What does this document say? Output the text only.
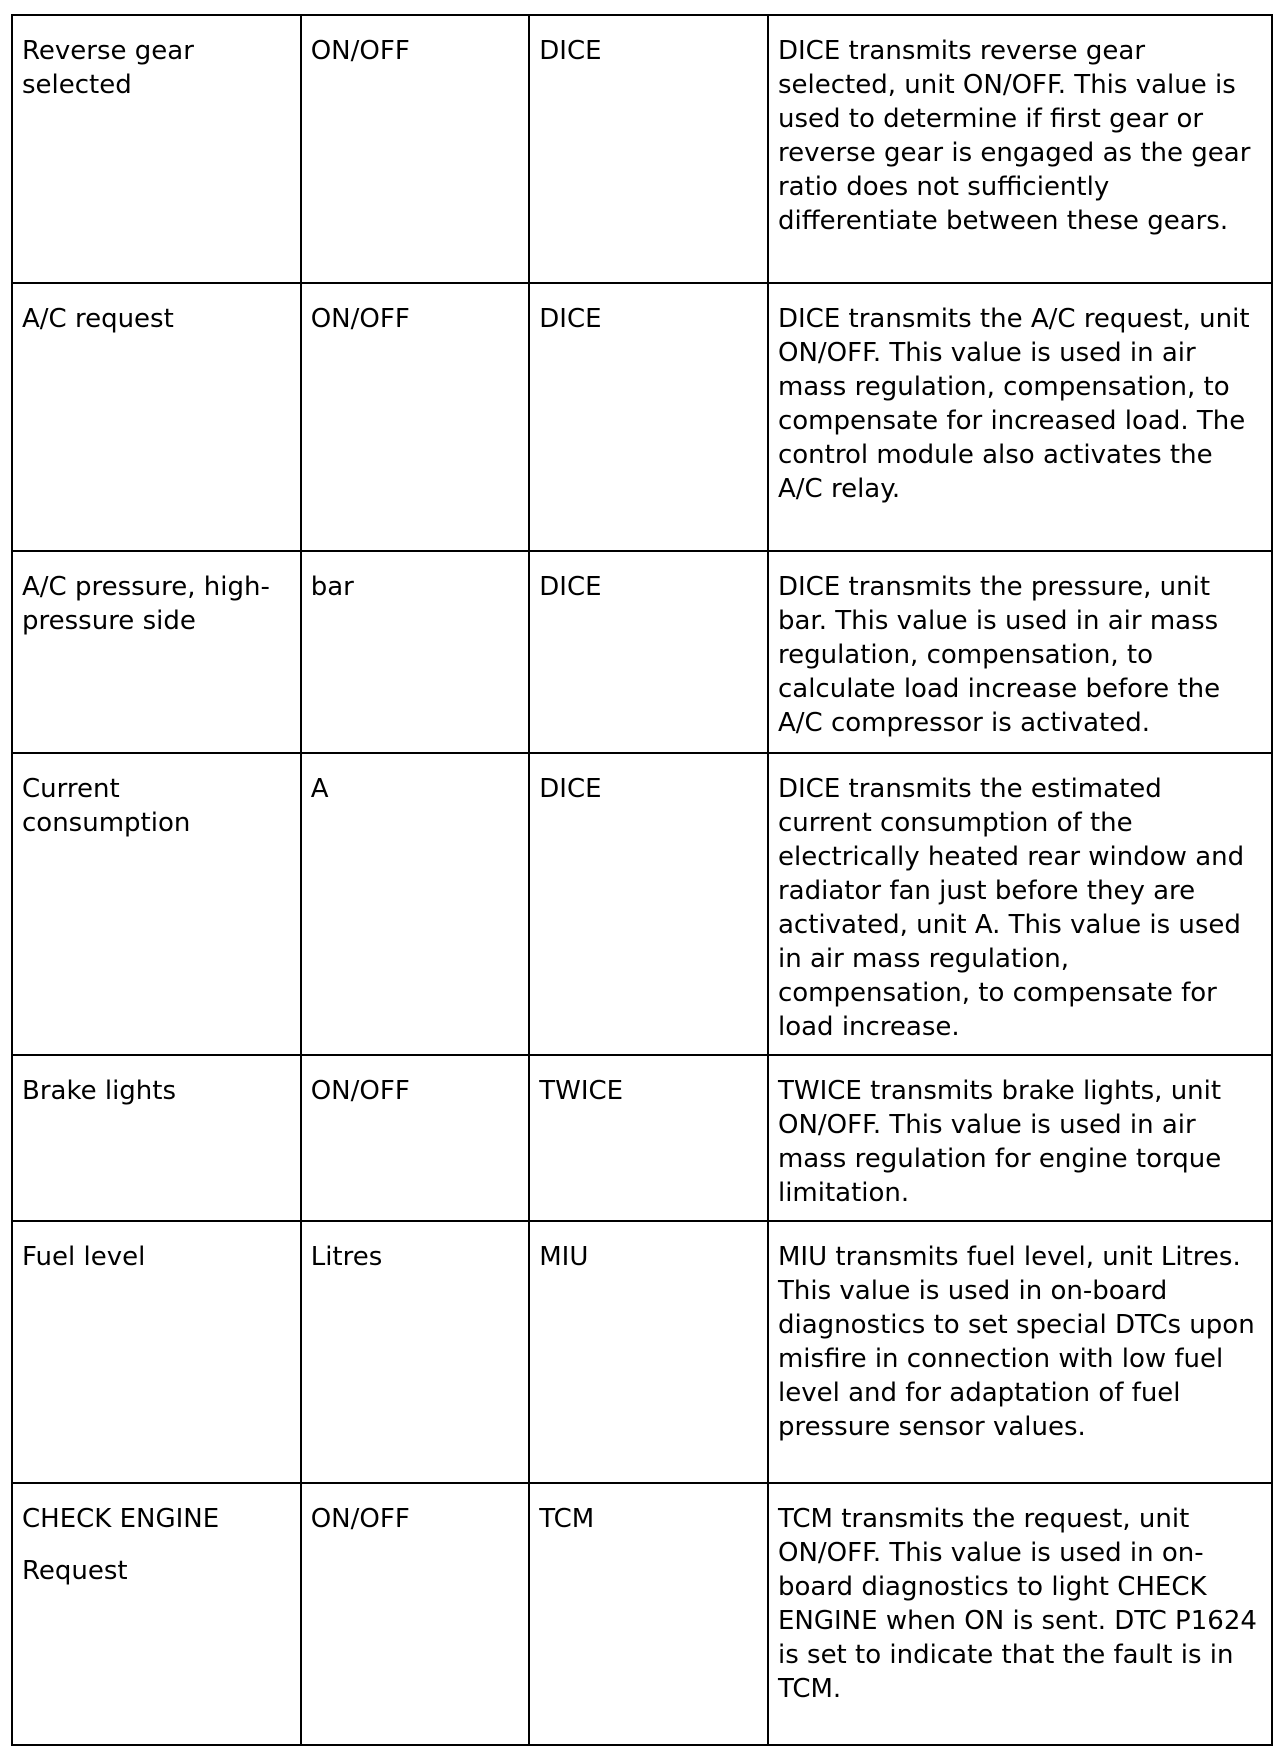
Reverse gear selected	ON/OFF	DICE	DICE transmits reverse gear selected, unit ON/OFF. This value is used to determine if first gear or reverse gear is engaged as the gear ratio does not sufficiently differentiate between these gears.
A/C request	ON/OFF	DICE	DICE transmits the A/C request, unit ON/OFF. This value is used in air mass regulation, compensation, to compensate for increased load. The control module also activates the A/C relay.
A/C pressure, high-pressure side	bar	DICE	DICE transmits the pressure, unit bar. This value is used in air mass regulation, compensation, to calculate load increase before the A/C compressor is activated.
Current consumption	A	DICE	DICE transmits the estimated current consumption of the electrically heated rear window and radiator fan just before they are activated, unit A. This value is used in air mass regulation, compensation, to compensate for load increase.
Brake lights	ON/OFF	TWICE	TWICE transmits brake lights, unit ON/OFF. This value is used in air mass regulation for engine torque limitation.
Fuel level	Litres	MIU	MIU transmits fuel level, unit Litres. This value is used in on-board diagnostics to set special DTCs upon misfire in connection with low fuel level and for adaptation of fuel pressure sensor values.

CHECK ENGINE
Request	ON/OFF	TCM	TCM transmits the request, unit ON/OFF. This value is used in on-board diagnostics to light CHECK ENGINE when ON is sent. DTC P1624 is set to indicate that the fault is in TCM.
